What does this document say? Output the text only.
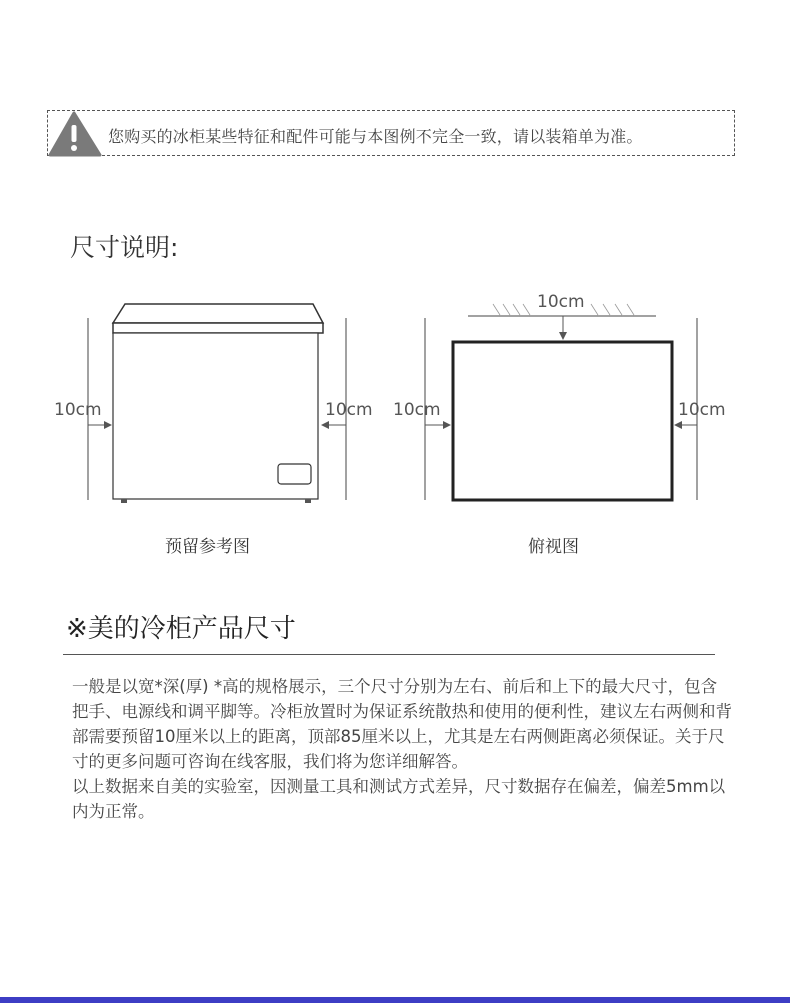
您购买的冰柜某些特征和配件可能与本图例不完全一致，请以装箱单为准。
尺寸说明:
10cm	10cm
10cm
10cm	10cm
预留参考图	俯视图
※美的冷柜产品尺寸

一般是以宽*深(厚) *高的规格展示，三个尺寸分别为左右、前后和上下的最大尺寸，包含把手、电源线和调平脚等。冷柜放置时为保证系统散热和使用的便利性，建议左右两侧和背部需要预留10厘米以上的距离，顶部85厘米以上，尤其是左右两侧距离必须保证。关于尺寸的更多问题可咨询在线客服，我们将为您详细解答。

以上数据来自美的实验室，因测量工具和测试方式差异，尺寸数据存在偏差，偏差5mm以内为正常。
